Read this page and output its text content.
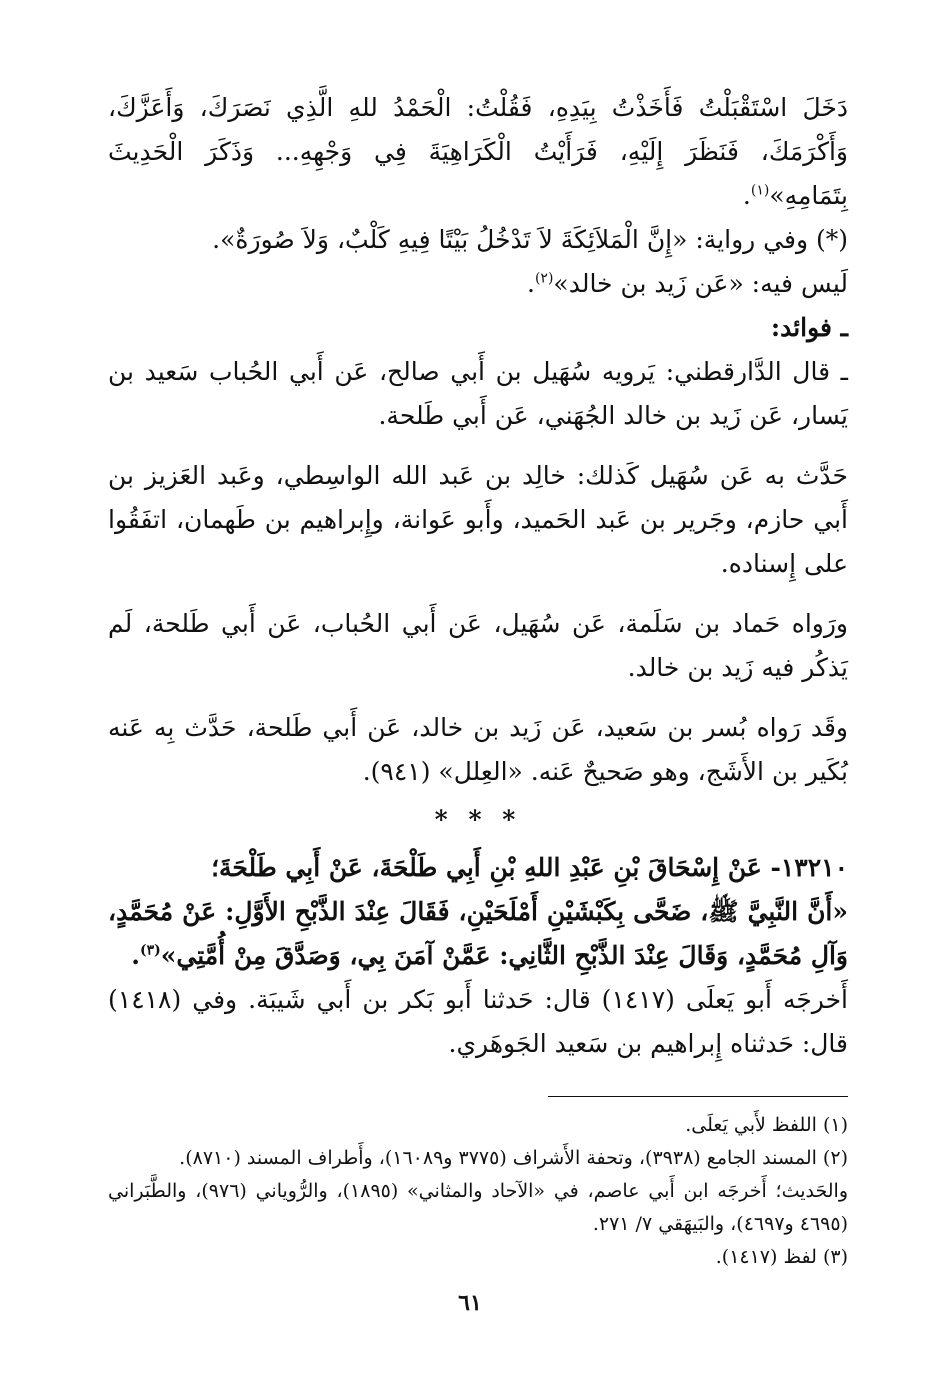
دَخَلَ اسْتَقْبَلْتُ فَأَخَذْتُ بِيَدِهِ، فَقُلْتُ: الْحَمْدُ للهِ الَّذِي نَصَرَكَ، وَأَعَزَّكَ، وَأَكْرَمَكَ، فَنَظَرَ إِلَيْهِ، فَرَأَيْتُ الْكَرَاهِيَةَ فِي وَجْهِهِ... وَذَكَرَ الْحَدِيثَ بِتَمَامِهِ»$^{(١)}$.

(*) وفي رواية: «إِنَّ الْمَلاَئِكَةَ لاَ تَدْخُلُ بَيْتًا فِيهِ كَلْبٌ، وَلاَ صُورَةٌ».

لَيس فيه: «عَن زَيد بن خالد»$^{(٢)}$.

ـ فوائد:

ـ قال الدَّارقطني: يَرويه سُهَيل بن أَبي صالح، عَن أَبي الحُباب سَعيد بن يَسار، عَن زَيد بن خالد الجُهَني، عَن أَبي طَلحة.

حَدَّث به عَن سُهَيل كَذلك: خالِد بن عَبد الله الواسِطي، وعَبد العَزيز بن أَبي حازم، وجَرير بن عَبد الحَميد، وأَبو عَوانة، وإِبراهيم بن طَهمان، اتفَقُوا على إِسناده.

ورَواه حَماد بن سَلَمة، عَن سُهَيل، عَن أَبي الحُباب، عَن أَبي طَلحة، لَم يَذكُر فيه زَيد بن خالد.

وقَد رَواه بُسر بن سَعيد، عَن زَيد بن خالد، عَن أَبي طَلحة، حَدَّث بِه عَنه بُكَير بن الأَشَج، وهو صَحيحٌ عَنه. «العِلل» (٩٤١).

* * *

١٣٢١٠- عَنْ إِسْحَاقَ بْنِ عَبْدِ اللهِ بْنِ أَبِي طَلْحَةَ، عَنْ أَبِي طَلْحَةَ؛

«أَنَّ النَّبِيَّ ﷺ، ضَحَّى بِكَبْشَيْنِ أَمْلَحَيْنِ، فَقَالَ عِنْدَ الذَّبْحِ الأَوَّلِ: عَنْ مُحَمَّدٍ، وَآلِ مُحَمَّدٍ، وَقَالَ عِنْدَ الذَّبْحِ الثَّانِي: عَمَّنْ آمَنَ بِي، وَصَدَّقَ مِنْ أُمَّتِي»$^{(٣)}$.

أَخرجَه أَبو يَعلَى (١٤١٧) قال: حَدثنا أَبو بَكر بن أَبي شَيبَة. وفي (١٤١٨) قال: حَدثناه إِبراهيم بن سَعيد الجَوهَري.

(١) اللفظ لأَبي يَعلَى.
(٢) المسند الجامع (٣٩٣٨)، وتحفة الأَشراف (٣٧٧٥ و١٦٠٨٩)، وأَطراف المسند (٨٧١٠).
والحَديث؛ أَخرجَه ابن أَبي عاصم، في «الآحاد والمثاني» (١٨٩٥)، والرُّوياني (٩٧٦)، والطَّبَراني (٤٦٩٥ و٤٦٩٧)، والبَيهَقي ٧/ ٢٧١.
(٣) لفظ (١٤١٧).
٦١
